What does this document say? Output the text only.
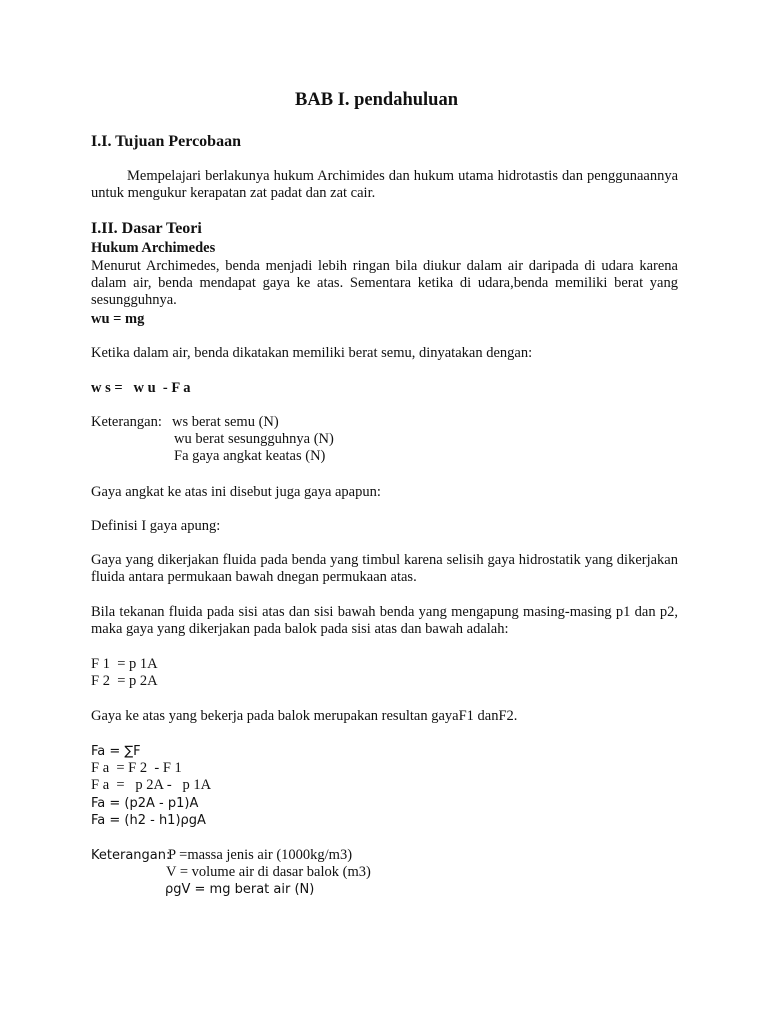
BAB I. pendahuluan
I.I. Tujuan Percobaan
Mempelajari berlakunya hukum Archimides dan hukum utama hidrotastis dan penggunaannya untuk mengukur kerapatan zat padat dan zat cair.
I.II. Dasar Teori
Hukum Archimedes
Menurut Archimedes, benda menjadi lebih ringan bila diukur dalam air daripada di udara karena dalam air, benda mendapat gaya ke atas. Sementara ketika di udara,benda memiliki berat yang sesungguhnya.
wu = mg
Ketika dalam air, benda dikatakan memiliki berat semu, dinyatakan dengan:
w s =   w u  - F a
Keterangan: ws berat semu (N)
wu berat sesungguhnya (N)
Fa gaya angkat keatas (N)
Gaya angkat ke atas ini disebut juga gaya apapun:
Definisi I gaya apung:
Gaya yang dikerjakan fluida pada benda yang timbul karena selisih gaya hidrostatik yang dikerjakan fluida antara permukaan bawah dnegan permukaan atas.
Bila tekanan fluida pada sisi atas dan sisi bawah benda yang mengapung masing-masing p1 dan p2, maka gaya yang dikerjakan pada balok pada sisi atas dan bawah adalah:
F 1  = p 1A
F 2  = p 2A
Gaya ke atas yang bekerja pada balok merupakan resultan gayaF1 danF2.
Fa = ∑F
F a  = F 2  - F 1
F a  =   p 2A -   p 1A
Fa = (p2A - p1)A
Fa = (h2 - h1)ρgA
Keterangan:
P =massa jenis air (1000kg/m3)
V = volume air di dasar balok (m3)
ρgV = mg berat air (N)
